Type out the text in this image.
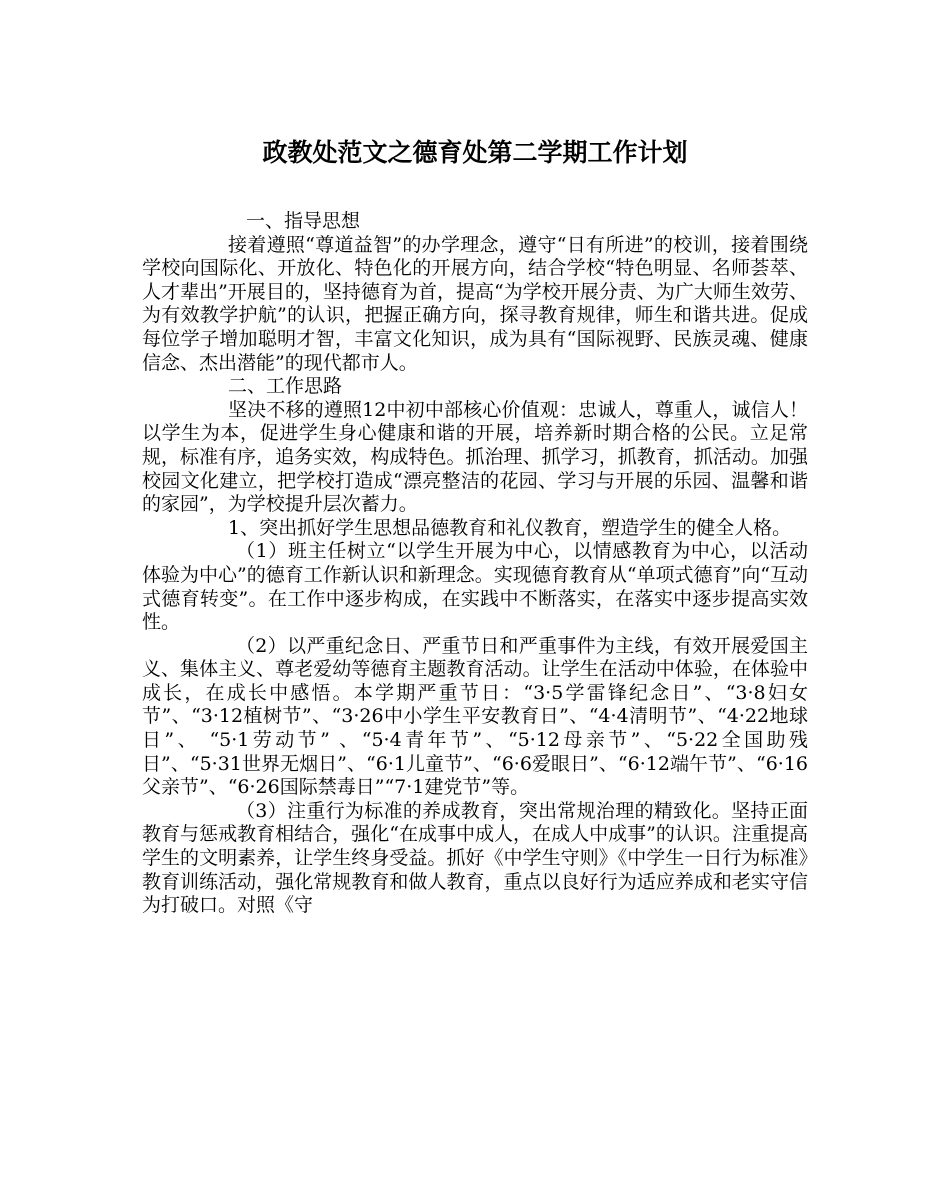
政教处范文之德育处第二学期工作计划

一、指导思想

接着遵照“尊道益智”的办学理念，遵守“日有所进”的校训，接着围绕学校向国际化、开放化、特色化的开展方向，结合学校“特色明显、名师荟萃、人才辈出”开展目的，坚持德育为首，提高“为学校开展分责、为广大师生效劳、为有效教学护航”的认识，把握正确方向，探寻教育规律，师生和谐共进。促成每位学子增加聪明才智，丰富文化知识，成为具有“国际视野、民族灵魂、健康信念、杰出潜能”的现代都市人。

二、工作思路

坚决不移的遵照12中初中部核心价值观：忠诚人，尊重人，诚信人！以学生为本，促进学生身心健康和谐的开展，培养新时期合格的公民。立足常规，标准有序，追务实效，构成特色。抓治理、抓学习，抓教育，抓活动。加强校园文化建立，把学校打造成“漂亮整洁的花园、学习与开展的乐园、温馨和谐的家园”，为学校提升层次蓄力。

1、突出抓好学生思想品德教育和礼仪教育，塑造学生的健全人格。

（1）班主任树立“以学生开展为中心，以情感教育为中心，以活动体验为中心”的德育工作新认识和新理念。实现德育教育从“单项式德育”向“互动式德育转变”。在工作中逐步构成，在实践中不断落实，在落实中逐步提高实效性。

（2）以严重纪念日、严重节日和严重事件为主线，有效开展爱国主义、集体主义、尊老爱幼等德育主题教育活动。让学生在活动中体验，在体验中成长，在成长中感悟。本学期严重节日：“3·5学雷锋纪念日”、“3·8妇女节”、“3·12植树节”、“3·26中小学生平安教育日”、“4·4清明节”、“4·22地球日”、 “5·1劳动节” 、“5·4青年节”、“5·12母亲节”、“5·22全国助残日”、“5·31世界无烟日”、“6·1儿童节”、“6·6爱眼日”、“6·12端午节”、“6·16父亲节”、“6·26国际禁毒日”“7·1建党节”等。

（3）注重行为标准的养成教育，突出常规治理的精致化。坚持正面教育与惩戒教育相结合，强化“在成事中成人，在成人中成事”的认识。注重提高学生的文明素养，让学生终身受益。抓好《中学生守则》《中学生一日行为标准》教育训练活动，强化常规教育和做人教育，重点以良好行为适应养成和老实守信为打破口。对照《守
